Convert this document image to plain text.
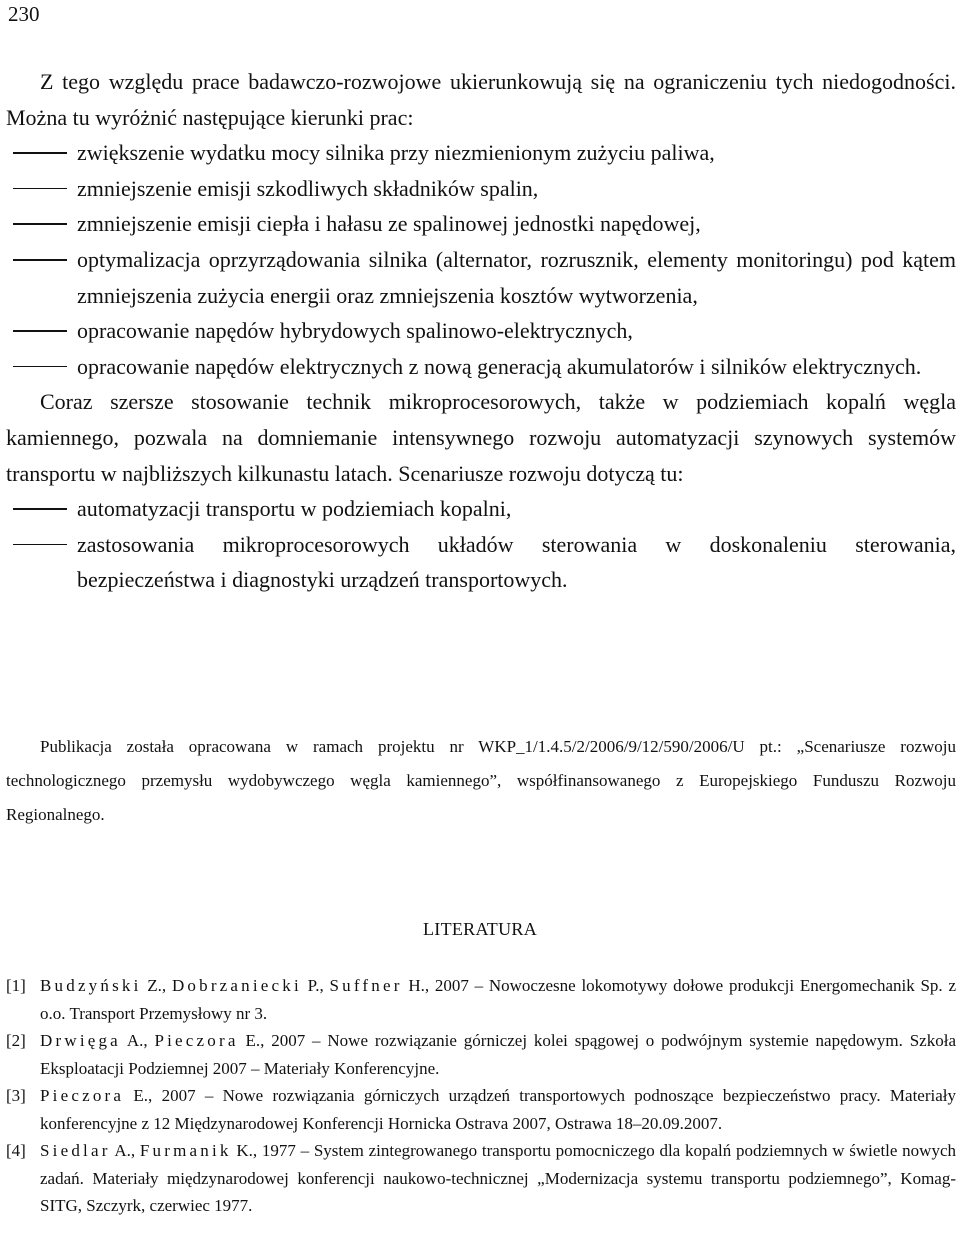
230

Z tego względu prace badawczo-rozwojowe ukierunkowują się na ograniczeniu tych niedogodności. Można tu wyróżnić następujące kierunki prac:

zwiększenie wydatku mocy silnika przy niezmienionym zużyciu paliwa,
zmniejszenie emisji szkodliwych składników spalin,
zmniejszenie emisji ciepła i hałasu ze spalinowej jednostki napędowej,
optymalizacja oprzyrządowania silnika (alternator, rozrusznik, elementy monitoringu) pod kątem zmniejszenia zużycia energii oraz zmniejszenia kosztów wytworzenia,
opracowanie napędów hybrydowych spalinowo-elektrycznych,
opracowanie napędów elektrycznych z nową generacją akumulatorów i silników elektrycznych.

Coraz szersze stosowanie technik mikroprocesorowych, także w podziemiach kopalń węgla kamiennego, pozwala na domniemanie intensywnego rozwoju automatyzacji szynowych systemów transportu w najbliższych kilkunastu latach. Scenariusze rozwoju dotyczą tu:

automatyzacji transportu w podziemiach kopalni,
zastosowania mikroprocesorowych układów sterowania w doskonaleniu sterowania, bezpieczeństwa i diagnostyki urządzeń transportowych.

Publikacja została opracowana w ramach projektu nr WKP_1/1.4.5/2/2006/9/12/590/2006/U pt.: „Scenariusze rozwoju technologicznego przemysłu wydobywczego węgla kamiennego”, współfinansowanego z Europejskiego Funduszu Rozwoju Regionalnego.

LITERATURA
[1] Budzyński Z., Dobrzaniecki P., Suffner H., 2007 – Nowoczesne lokomotywy dołowe produkcji Energomechanik Sp. z o.o. Transport Przemysłowy nr 3.
[2] Drwięga A., Pieczora E., 2007 – Nowe rozwiązanie górniczej kolei spągowej o podwójnym systemie napędowym. Szkoła Eksploatacji Podziemnej 2007 – Materiały Konferencyjne.
[3] Pieczora E., 2007 – Nowe rozwiązania górniczych urządzeń transportowych podnoszące bezpieczeństwo pracy. Materiały konferencyjne z 12 Międzynarodowej Konferencji Hornicka Ostrava 2007, Ostrawa 18–20.09.2007.
[4] Siedlar A., Furmanik K., 1977 – System zintegrowanego transportu pomocniczego dla kopalń podziemnych w świetle nowych zadań. Materiały międzynarodowej konferencji naukowo-technicznej „Modernizacja systemu transportu podziemnego”, Komag-SITG, Szczyrk, czerwiec 1977.
